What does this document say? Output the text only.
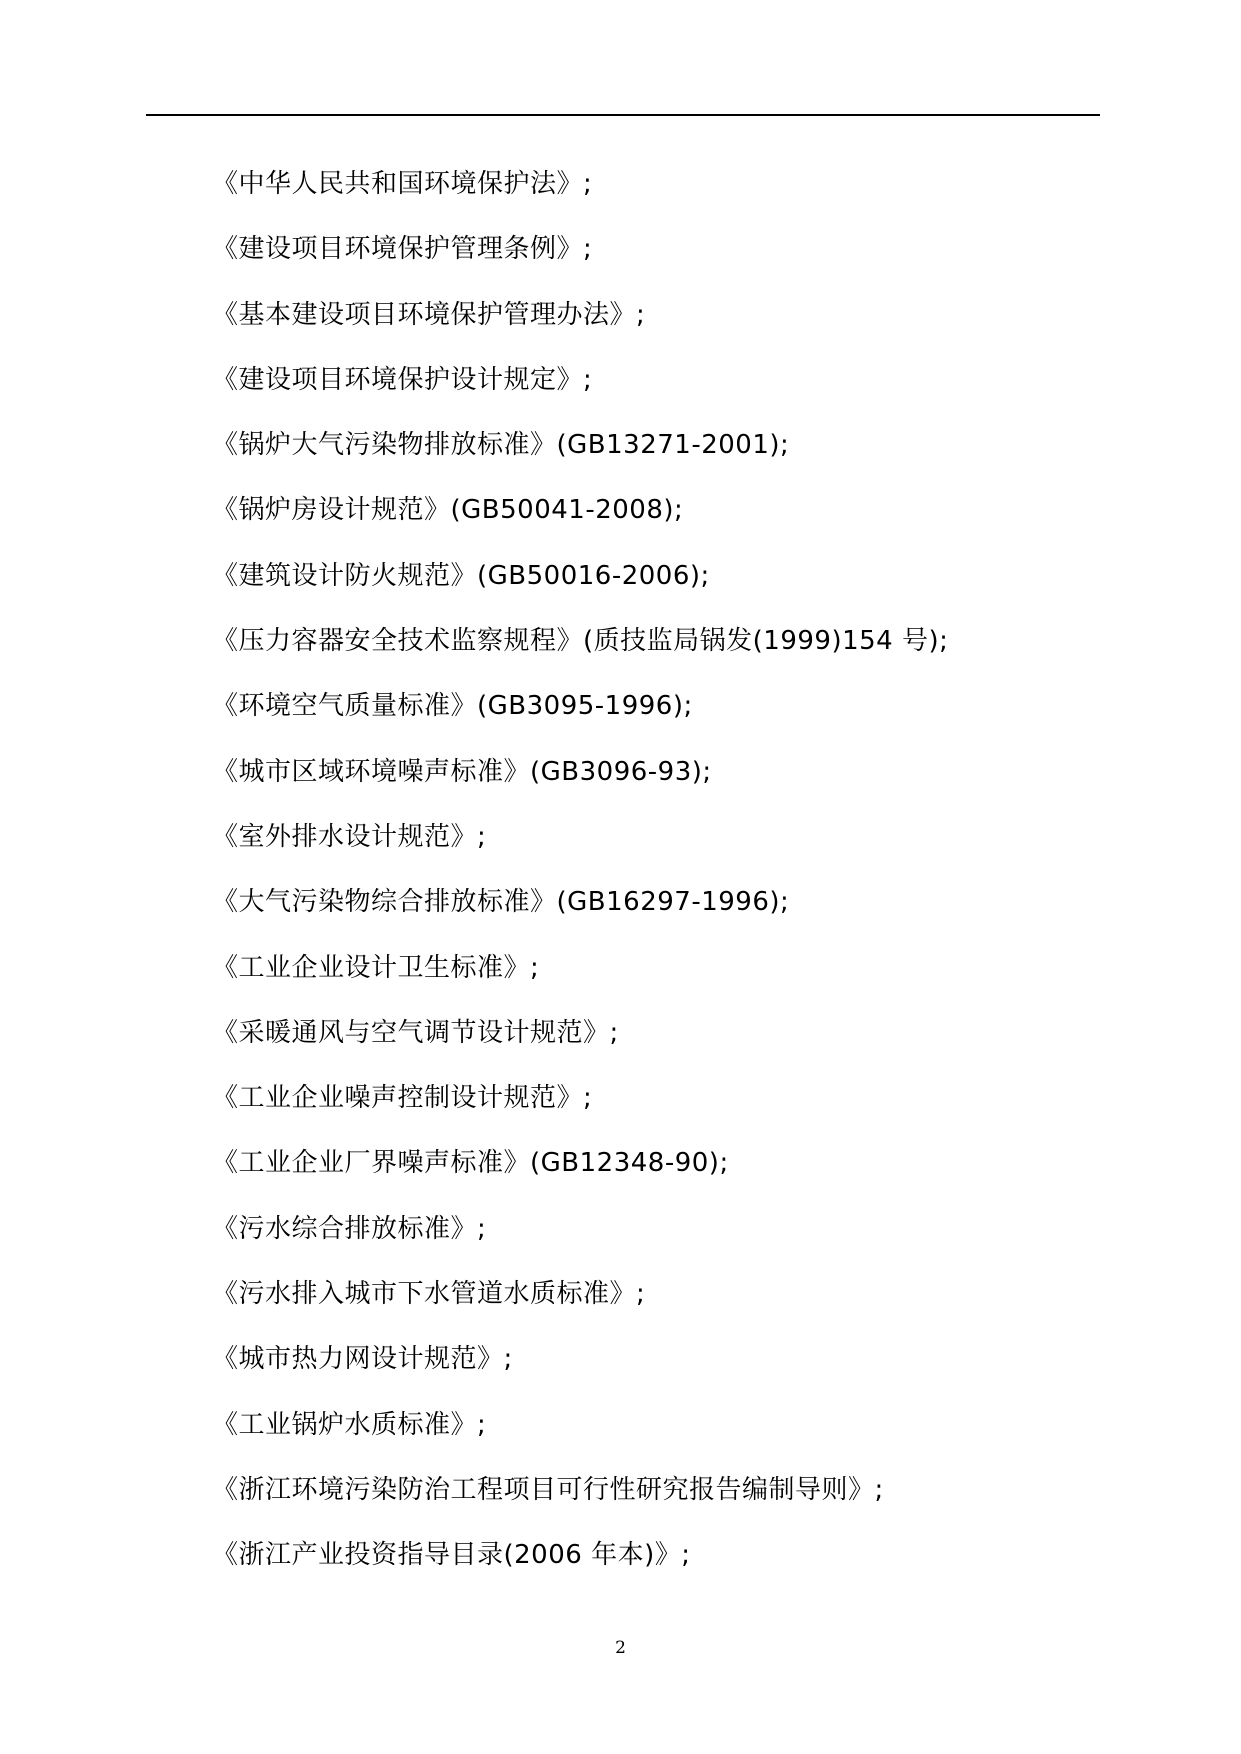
《中华人民共和国环境保护法》;
《建设项目环境保护管理条例》;
《基本建设项目环境保护管理办法》;
《建设项目环境保护设计规定》;
《锅炉大气污染物排放标准》(GB13271-2001);
《锅炉房设计规范》(GB50041-2008);
《建筑设计防火规范》(GB50016-2006);
《压力容器安全技术监察规程》(质技监局锅发(1999)154 号);
《环境空气质量标准》(GB3095-1996);
《城市区域环境噪声标准》(GB3096-93);
《室外排水设计规范》;
《大气污染物综合排放标准》(GB16297-1996);
《工业企业设计卫生标准》;
《采暖通风与空气调节设计规范》;
《工业企业噪声控制设计规范》;
《工业企业厂界噪声标准》(GB12348-90);
《污水综合排放标准》;
《污水排入城市下水管道水质标准》;
《城市热力网设计规范》;
《工业锅炉水质标准》;
《浙江环境污染防治工程项目可行性研究报告编制导则》;
《浙江产业投资指导目录(2006 年本)》;
2
